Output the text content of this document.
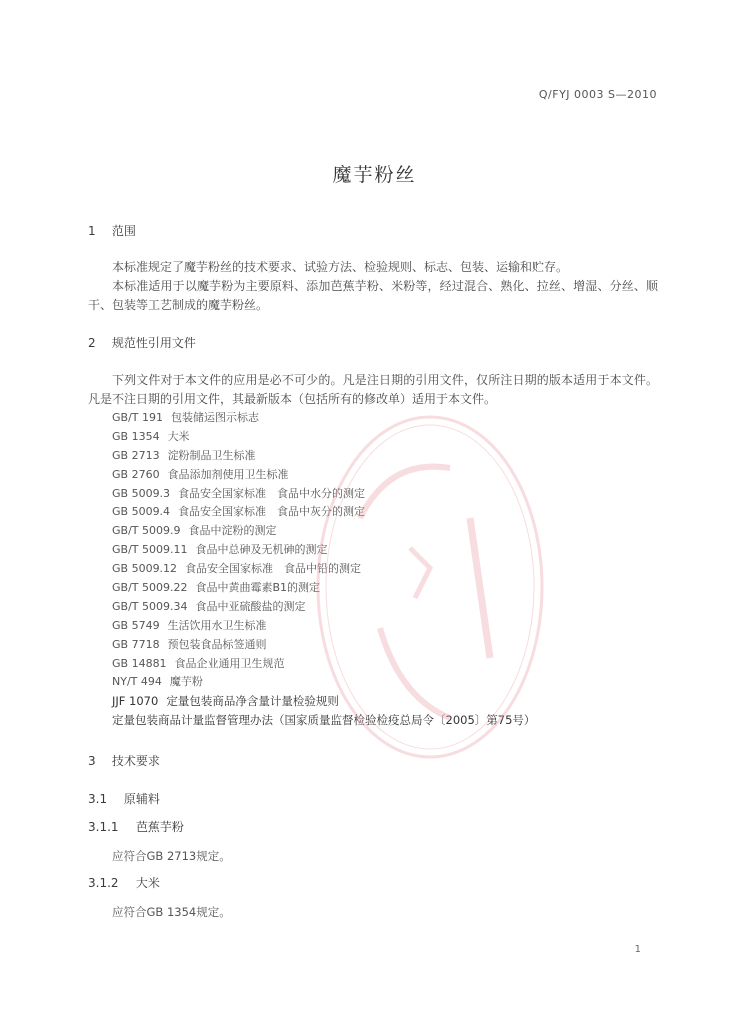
Q/FYJ 0003 S—2010
魔芋粉丝
1 范围
本标准规定了魔芋粉丝的技术要求、试验方法、检验规则、标志、包装、运输和贮存。
本标准适用于以魔芋粉为主要原料、添加芭蕉芋粉、米粉等，经过混合、熟化、拉丝、增湿、分丝、顺干、包装等工艺制成的魔芋粉丝。
2 规范性引用文件
下列文件对于本文件的应用是必不可少的。凡是注日期的引用文件，仅所注日期的版本适用于本文件。凡是不注日期的引用文件，其最新版本（包括所有的修改单）适用于本文件。
GB/T 191 包装储运图示标志
GB 1354 大米
GB 2713 淀粉制品卫生标准
GB 2760 食品添加剂使用卫生标准
GB 5009.3 食品安全国家标准　食品中水分的测定
GB 5009.4 食品安全国家标准　食品中灰分的测定
GB/T 5009.9 食品中淀粉的测定
GB/T 5009.11 食品中总砷及无机砷的测定
GB 5009.12 食品安全国家标准　食品中铅的测定
GB/T 5009.22 食品中黄曲霉素B1的测定
GB/T 5009.34 食品中亚硫酸盐的测定
GB 5749 生活饮用水卫生标准
GB 7718 预包装食品标签通则
GB 14881 食品企业通用卫生规范
NY/T 494 魔芋粉
JJF 1070 定量包装商品净含量计量检验规则
定量包装商品计量监督管理办法（国家质量监督检验检疫总局令〔2005〕第75号）
3 技术要求
3.1 原辅料
3.1.1 芭蕉芋粉
应符合GB 2713规定。
3.1.2 大米
应符合GB 1354规定。
1
